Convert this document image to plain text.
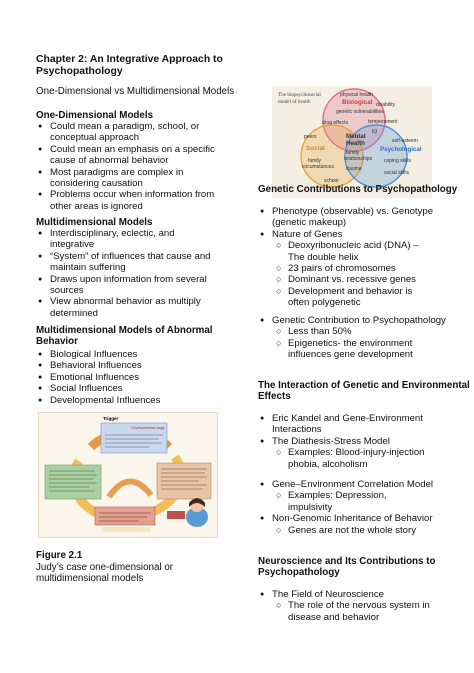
Chapter 2: An Integrative Approach to
Psychopathology
One-Dimensional vs Multidimensional Models
One-Dimensional Models
● Could mean a paradigm, school, or
conceptual approach
● Could mean an emphasis on a specific
cause of abnormal behavior
● Most paradigms are complex in
considering causation
● Problems occur when information from
other areas is ignored
Multidimensional Models
● Interdisciplinary, eclectic, and
integrative
● “System” of influences that cause and
maintain suffering
● Draws upon information from several
sources
● View abnormal behavior as multiply
determined
Multidimensional Models of Abnormal
Behavior
● Biological Influences
● Behavioral Influences
● Emotional Influences
● Social Influences
● Developmental Influences
Trigger
Developmental stage
Figure 2.1
Judy’s case one-dimensional or
multidimensional models
The biopsychosocial
model of health
physical health
Biological disability
genetic vulnerabilities
drug effects	temperament
peers
IQ
Mental
Health	self-esteem
Social	Psychological
family
relationships
family
circumstances
coping skills
trauma
social skills
school
Genetic Contributions to Psychopathology
● Phenotype (observable) vs. Genotype
(genetic makeup)
● Nature of Genes
○ Deoxyribonucleic acid (DNA) –
The double helix
○ 23 pairs of chromosomes
○ Dominant vs. recessive genes
○ Development and behavior is
often polygenetic
● Genetic Contribution to Psychopathology
○ Less than 50%
○ Epigenetics- the environment
influences gene development
The Interaction of Genetic and Environmental
Effects
● Eric Kandel and Gene-Environment
Interactions
● The Diathesis-Stress Model
○ Examples: Blood-injury-injection
phobia, alcoholism
● Gene–Environment Correlation Model
○ Examples: Depression,
impulsivity
● Non-Genomic Inheritance of Behavior
○ Genes are not the whole story
Neuroscience and Its Contributions to
Psychopathology
● The Field of Neuroscience
○ The role of the nervous system in
disease and behavior
